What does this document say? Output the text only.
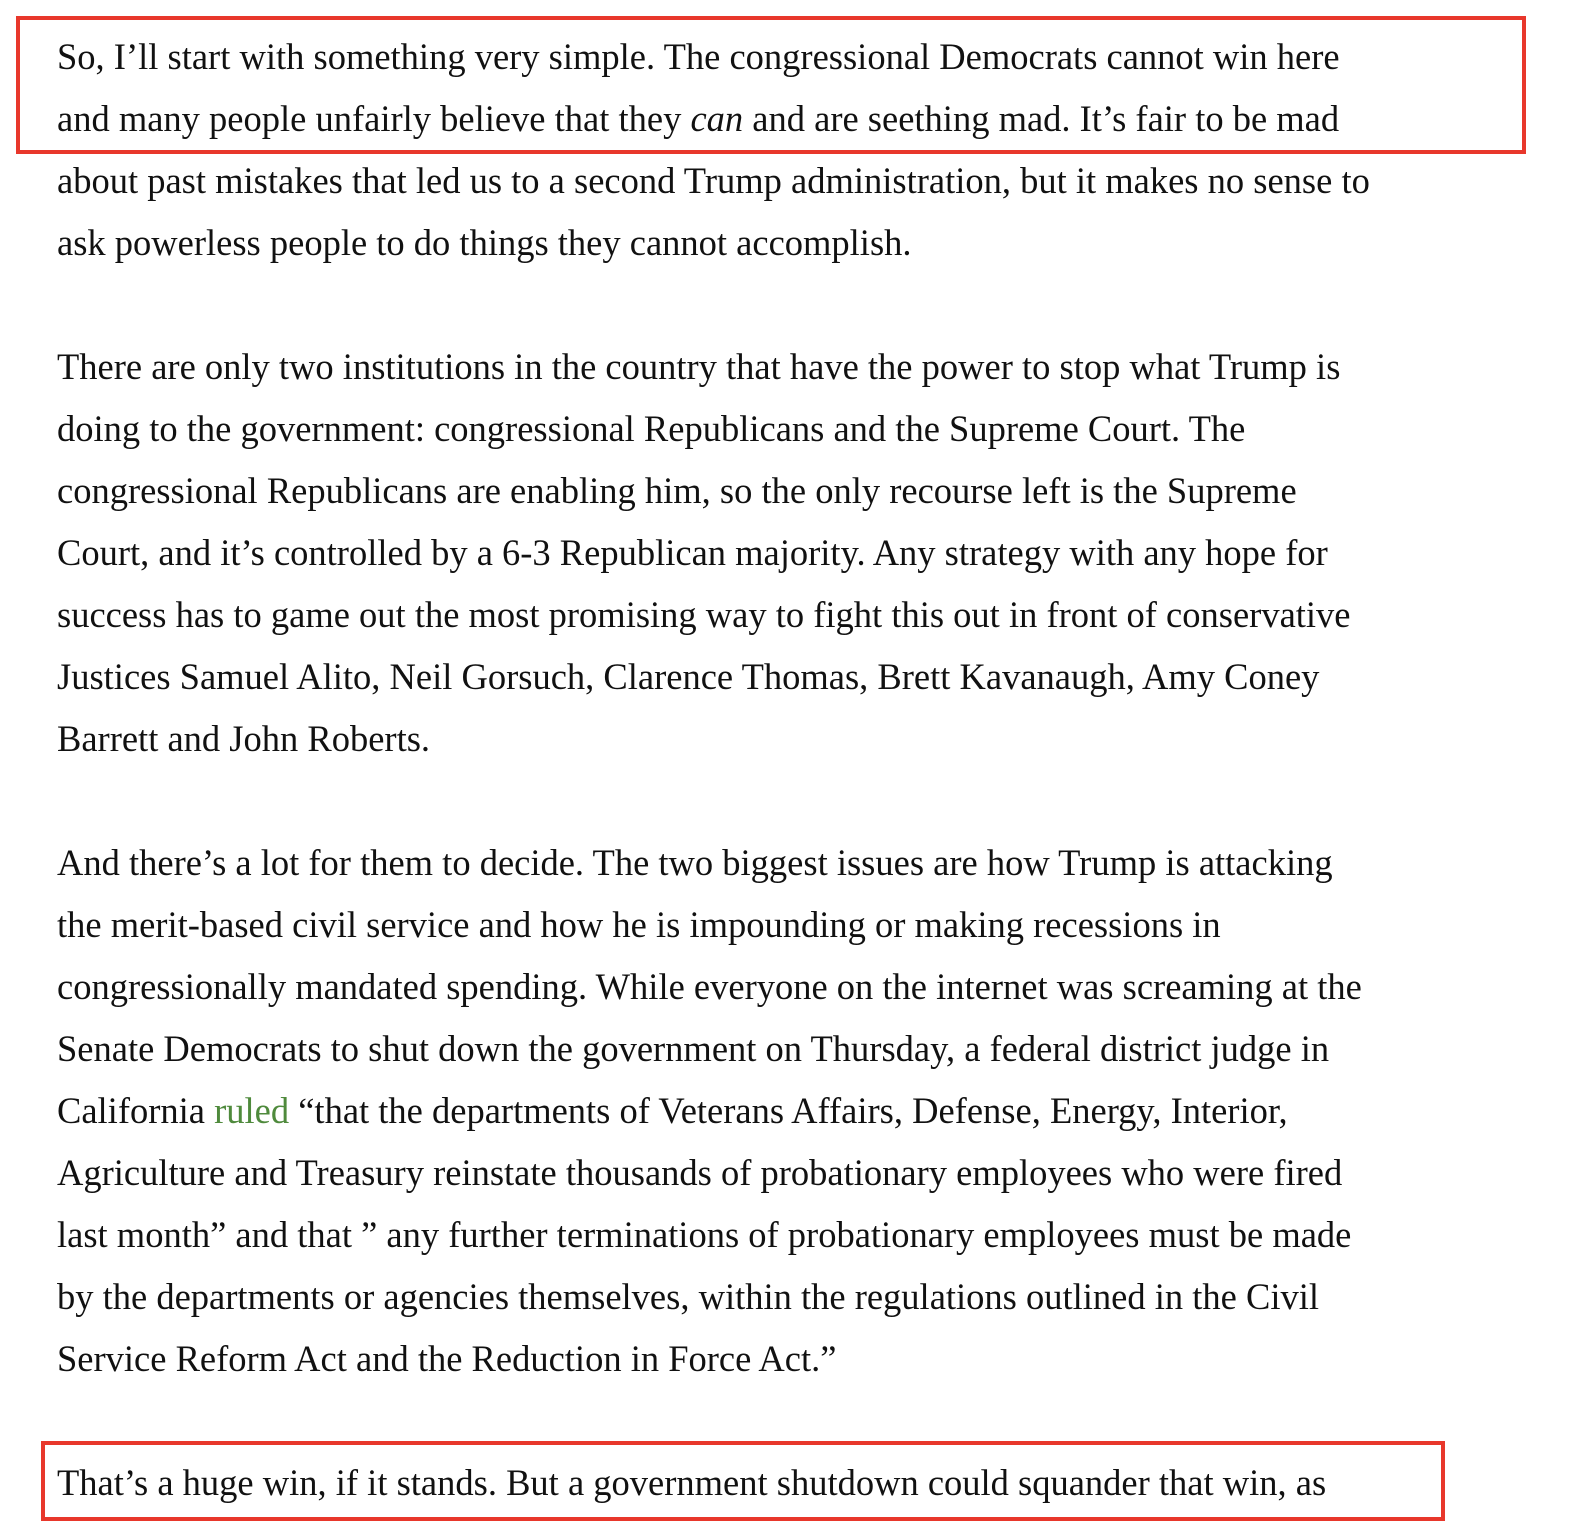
So, I’ll start with something very simple. The congressional Democrats cannot win here
and many people unfairly believe that they can and are seething mad. It’s fair to be mad
about past mistakes that led us to a second Trump administration, but it makes no sense to
ask powerless people to do things they cannot accomplish.

There are only two institutions in the country that have the power to stop what Trump is
doing to the government: congressional Republicans and the Supreme Court. The
congressional Republicans are enabling him, so the only recourse left is the Supreme
Court, and it’s controlled by a 6-3 Republican majority. Any strategy with any hope for
success has to game out the most promising way to fight this out in front of conservative
Justices Samuel Alito, Neil Gorsuch, Clarence Thomas, Brett Kavanaugh, Amy Coney
Barrett and John Roberts.

And there’s a lot for them to decide. The two biggest issues are how Trump is attacking
the merit-based civil service and how he is impounding or making recessions in
congressionally mandated spending. While everyone on the internet was screaming at the
Senate Democrats to shut down the government on Thursday, a federal district judge in
California ruled “that the departments of Veterans Affairs, Defense, Energy, Interior,
Agriculture and Treasury reinstate thousands of probationary employees who were fired
last month” and that ” any further terminations of probationary employees must be made
by the departments or agencies themselves, within the regulations outlined in the Civil
Service Reform Act and the Reduction in Force Act.”

That’s a huge win, if it stands. But a government shutdown could squander that win, as
